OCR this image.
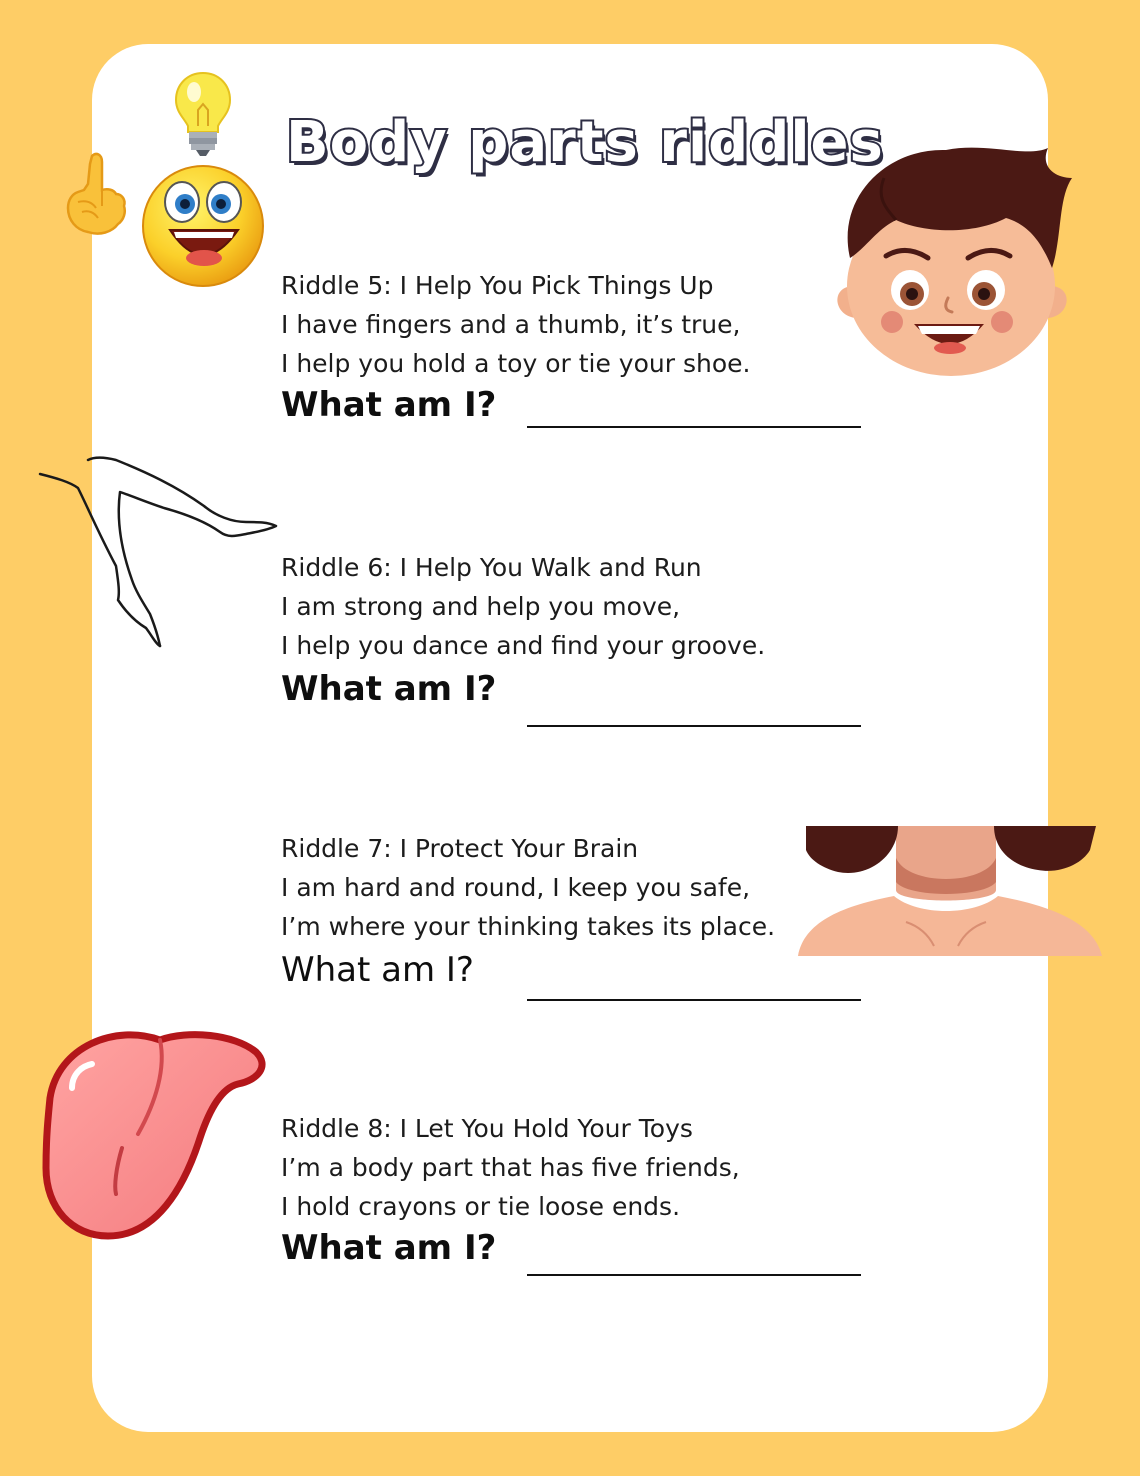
Body parts riddles
Riddle 5: I Help You Pick Things Up
I have fingers and a thumb, it’s true,
I help you hold a toy or tie your shoe.
What am I?
Riddle 6: I Help You Walk and Run
I am strong and help you move,
I help you dance and find your groove.
What am I?
Riddle 7: I Protect Your Brain
I am hard and round, I keep you safe,
I’m where your thinking takes its place.
What am I?
Riddle 8: I Let You Hold Your Toys
I’m a body part that has five friends,
I hold crayons or tie loose ends.
What am I?
